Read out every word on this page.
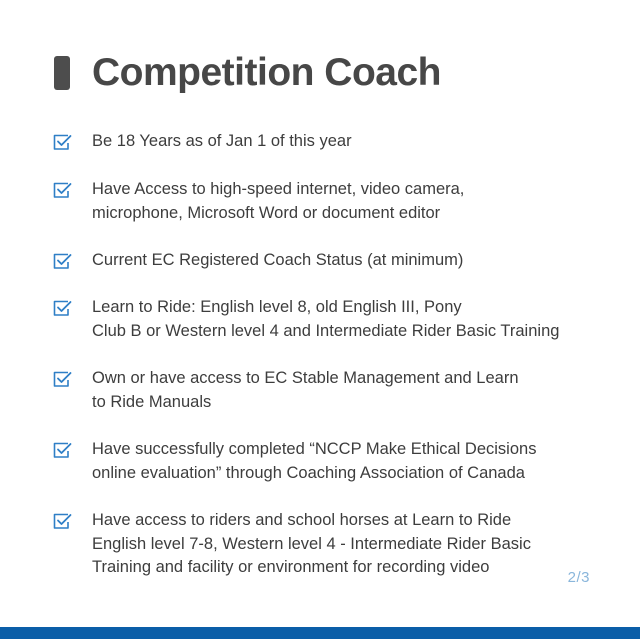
Competition Coach
Be 18 Years as of Jan 1 of this year
Have Access to high-speed internet, video camera,
microphone, Microsoft Word or document editor
Current EC Registered Coach Status (at minimum)
Learn to Ride: English level 8, old English III, Pony
Club B or Western level 4 and Intermediate Rider Basic Training
Own or have access to EC Stable Management and Learn
to Ride Manuals
Have successfully completed “NCCP Make Ethical Decisions
online evaluation” through Coaching Association of Canada
Have access to riders and school horses at Learn to Ride
English level 7-8, Western level 4 - Intermediate Rider Basic
Training and facility or environment for recording video
2/3
